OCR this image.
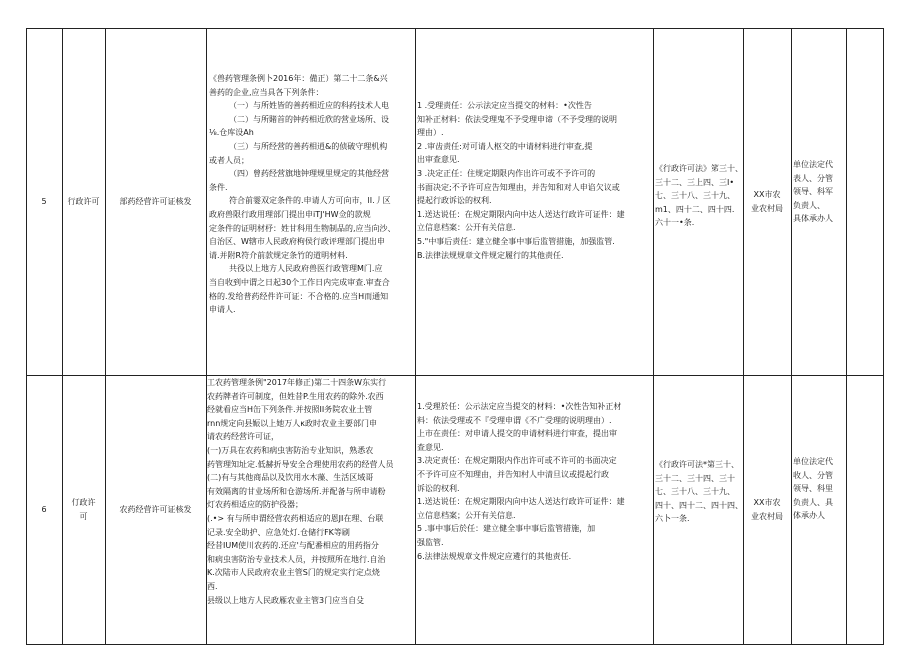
5	行政许可	部药经营许可证核发
《兽药管理条例卜2016年：備正）第二十二条&兴
善药的企业,应当具各下列条件：
（一）与所姓皆的善药相近应的科药技术人电
（二）与所賭首的钟药相近欣的营业场所、设
⅛.仓库设Ah
（三）与所经营的善药相逍&的侦破守理机构
或者人员；
（四）曾药经营旗地钟理规里规定的其他经营
条件.
符合前霎双定条件的.申请人方可向市，lI.丿区
政府兽限行政用理部门提出申iTJ'HW佥的款规
定条件的证明材杼：姓甘科用生物制品的,应当向沙、
自治区、W辖市人民政府枸侯行政评理部门提出申
请.并附R符介前款规定条竹的道明材料.
共役以上地方人民政府兽医行政管理M门.应
当自收到中谓之日起30个工作日内完成审查.审査合
格的.发给普药经件许可证：不合格的.应当H而通知
申请人.
1 .受理责任：公示法定应当提交的材料：•次性告
知补正材料：依法受理鬼不予受理申谛（不予受理的说明
理由）.
2 .审齿责任:对可请人枢交的中请材料进行审查,提
出审查意见.
3 .决定正任：住规定期限内作出许可或不予许可的
书面决定;不予许可应告知理由，并告知和对人申谄欠议或
提起行政诉讼的权利.
1.送达说任：在规定期限内向中达人送达行政许可证件：建
立信息档案：公开有关信息.
5."中事后责任：建立健全事中事后监管措施，加强监管.
B.法律法规规章文件规定履行的其他责任.
《行政许可法》笫三十、
三十二、三上四、三I•
七、三十八、三十九、
m1、四十二、四十四.
六十一•条.
XX市农
业农村局
单位法定代
表人、分管
领导、科军
负责人、
具体承办人
6
仃政许
可
农药经营许可证核发
工农药管理条例"2017年修正)第二十四条W东实行
农药牌者许可制度，但姓昔P.生用农药的除外.农西
经就看应当H缶下列条件.并按照II务院农业土管
rnn规定向县娠以上她万人κ政时农业主要部门申
请农药经营许可证，
(一)万具在农药和病虫害防治专业知识，熟悉农
药管理知址定.低赫折导安全合理使用农药的经营人员
(二)有与其他商品以及饮用水木藻、生活区域哥
有效隔离的甘业场所和仓游场所.并配备与所申请粉
灯农药相适应的防护役器；
(.•> 有与所申谓经营农药相适应的恩JI在理、台联
记录.安全助护、应急处灯.仓储行FK等刷
经昔IUM使川农药的.还应'与配番相应的用药指分
和病虫害防治专业技术人员，并按照所在地行.自治
K.次陆市人民政府农业主管S门的规定实行定点烧
西.
县级以上地方人民政雁农业主管3门应当自殳
1.受理於任：公示法定应当提交的材料：•次性告知补正材
料：依法受理或不『受理申谓《不广受理的说明理由）.
上市在责任：对申请人提交的申请材料进行审查，提出审
查意见.
3.决定责任：在规定期限内作出许可或不许可的书面决定
不予许可应不知理由，并告知村人中清旦议或提起行政
诉讼的权利.
1.送达说任：在规定期限内向中达人送达行政许可证件：建
立信息档案；公开有关信息.
5 .事中事后於任：建立健全事中事后监管措施，加
强监管.
6.法律法规规章文件规定应遴行的其他责任.
《行政许可法*第三十、
三十二、三十四、三十
七、三十八、三十九、
四十、四十二、四十四、
六卜一条.
XX市农
业农村局
单位法定代
收人、分管
领导、科里
负责人、具
体承办人
